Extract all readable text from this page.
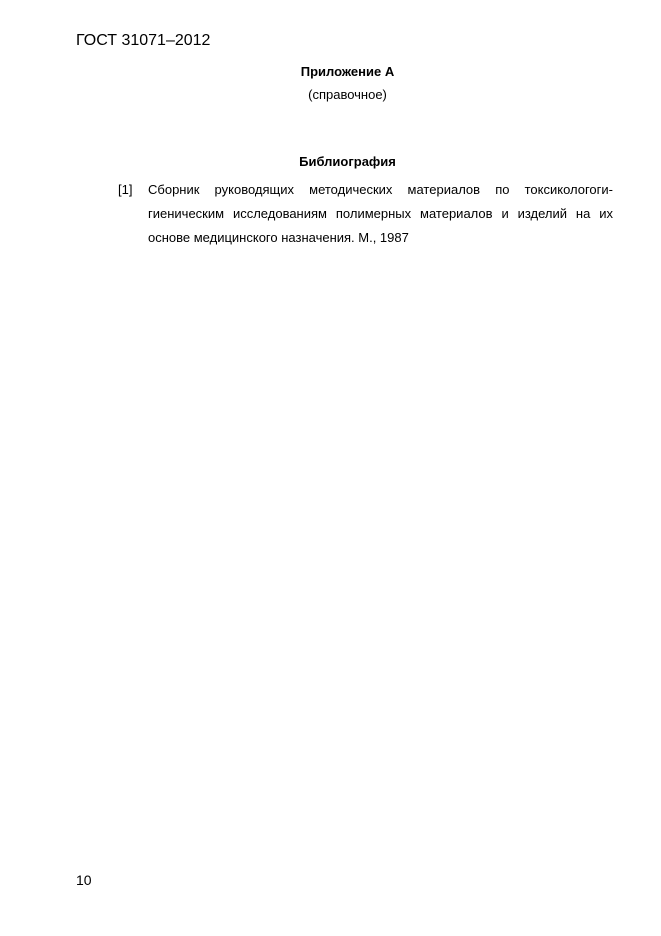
ГОСТ 31071–2012
Приложение А
(справочное)
Библиография
[1] Сборник руководящих методических материалов по токсикологоги-гиеническим исследованиям полимерных материалов и изделий на их основе медицинского назначения. М., 1987
10
